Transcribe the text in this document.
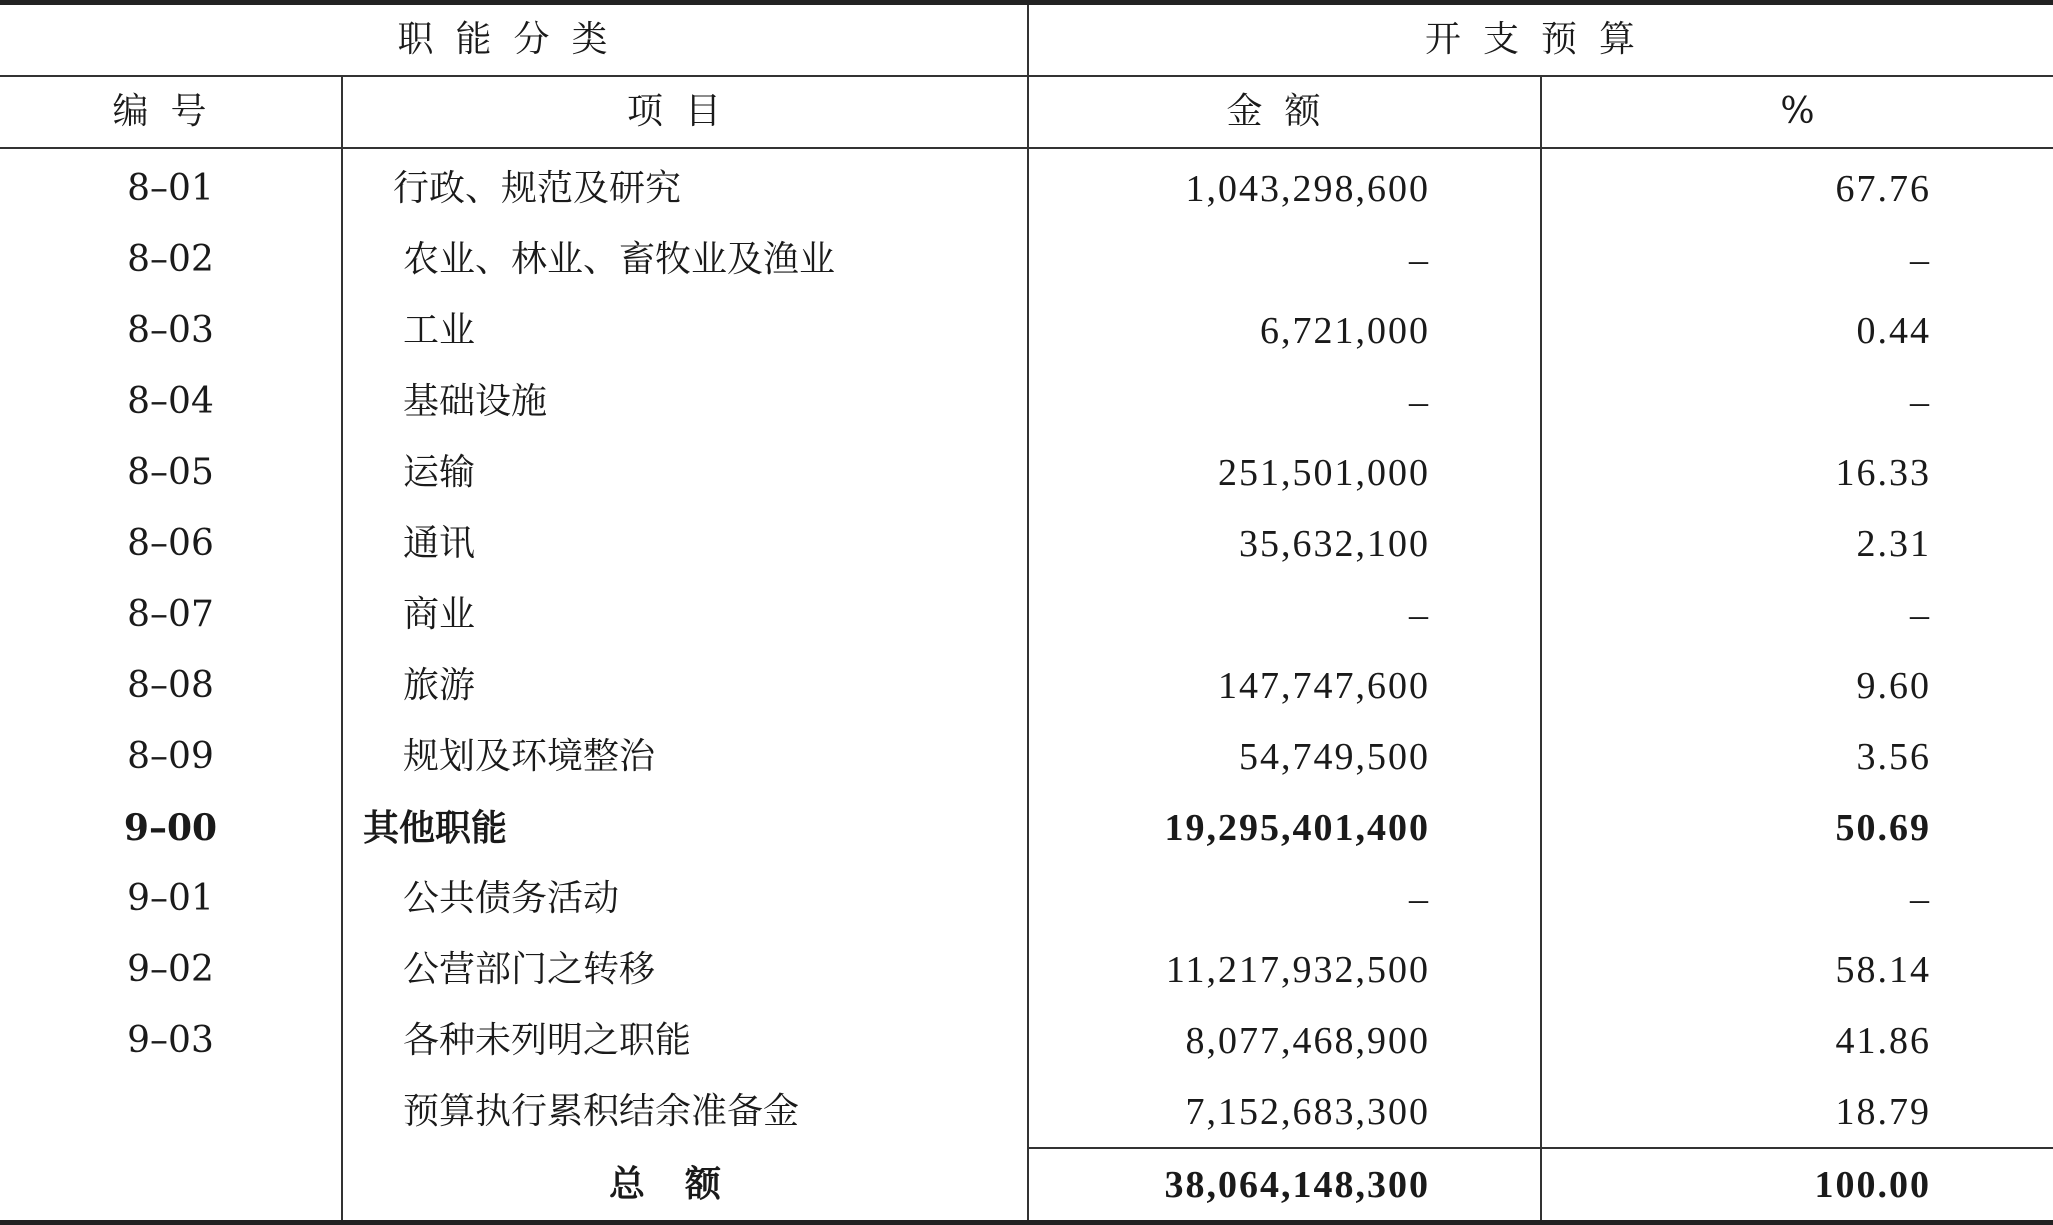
职能分类		开支预算	
编号	项目	金额	%
8–01	行政、规范及研究	1,043,298,600	67.76
8–02	农业、林业、畜牧业及渔业	–	–
8–03	工业	6,721,000	0.44
8–04	基础设施	–	–
8–05	运输	251,501,000	16.33
8–06	通讯	35,632,100	2.31
8–07	商业	–	–
8–08	旅游	147,747,600	9.60
8–09	规划及环境整治	54,749,500	3.56
9–00	其他职能	19,295,401,400	50.69
9–01	公共债务活动	–	–
9–02	公营部门之转移	11,217,932,500	58.14
9–03	各种未列明之职能	8,077,468,900	41.86
	预算执行累积结余准备金	7,152,683,300	18.79
	总额	38,064,148,300	100.00
